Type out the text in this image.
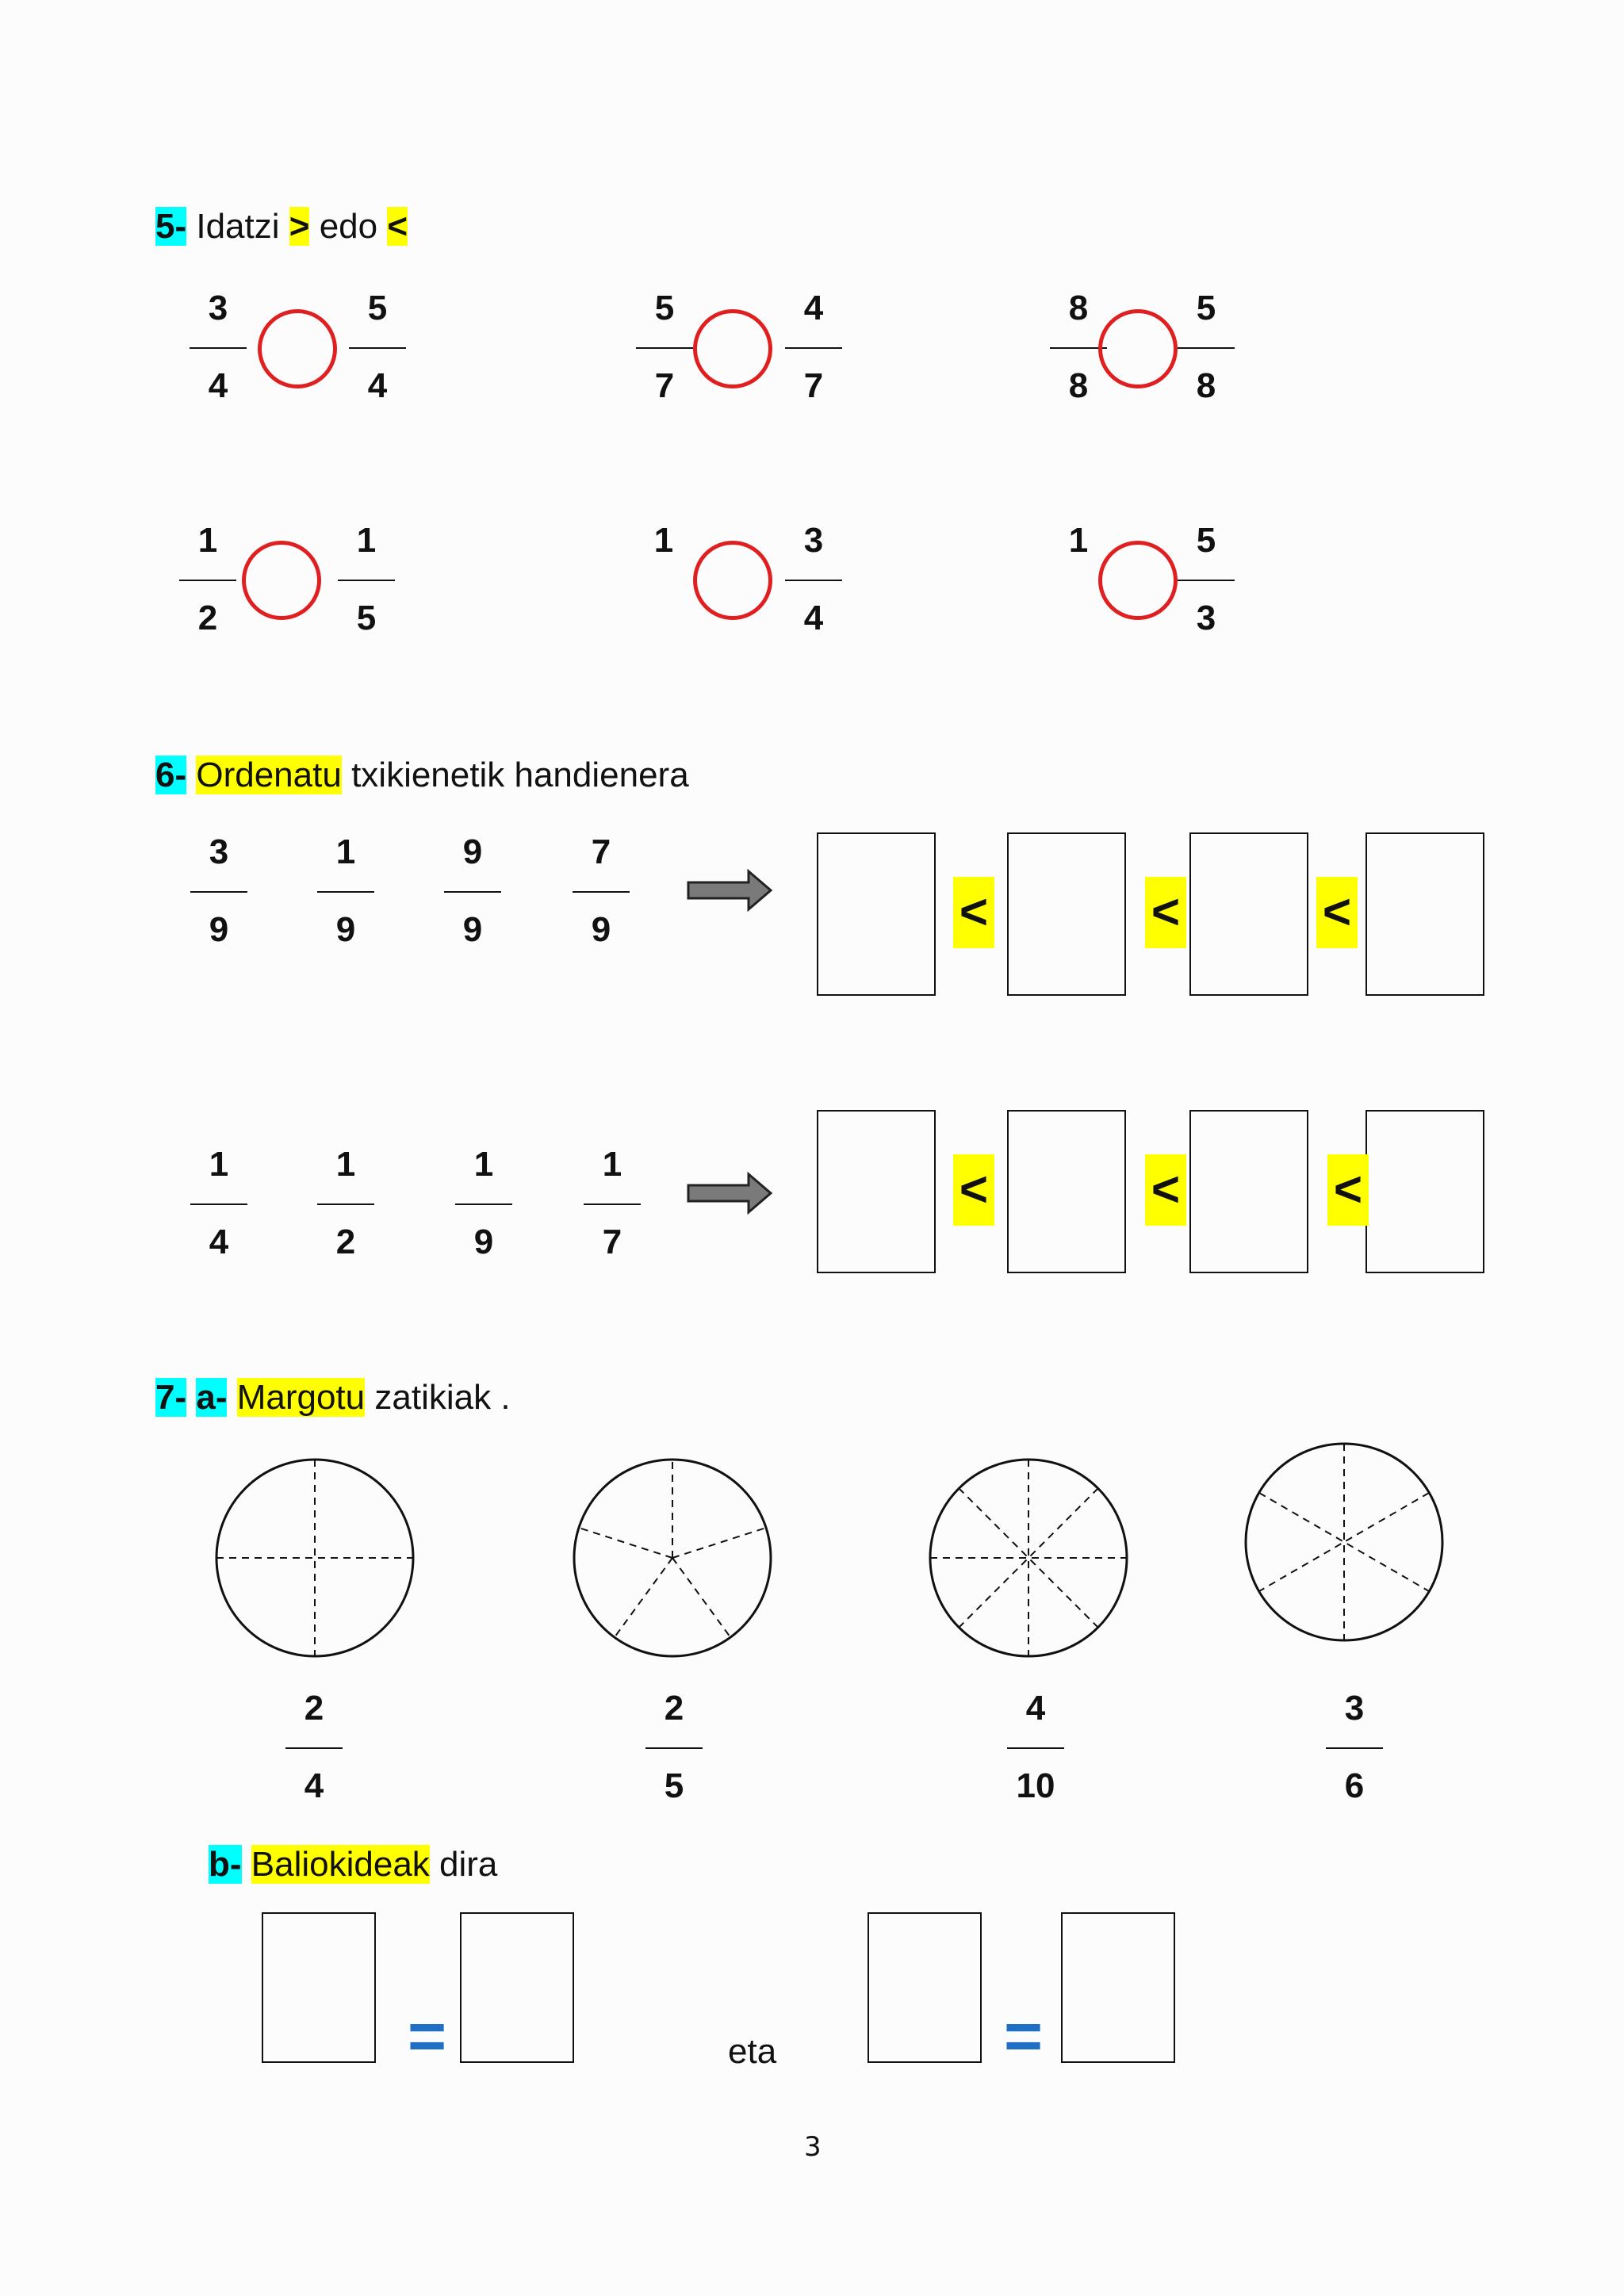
5- Idatzi > edo <
3
4
5
4
5
7
4
7
8
8
5
8
1
2
1
5
1	3
4
1	5
3
6- Ordenatu txikienetik handienera
3
9
1
9
9
9
7
9	<	<	<
1
4
1
2
1
9
1
7
<	<	<
7- a- Margotu zatikiak .
2
4
2
5
4
10
3
6
b- Baliokideak dira
=	eta	=
3
